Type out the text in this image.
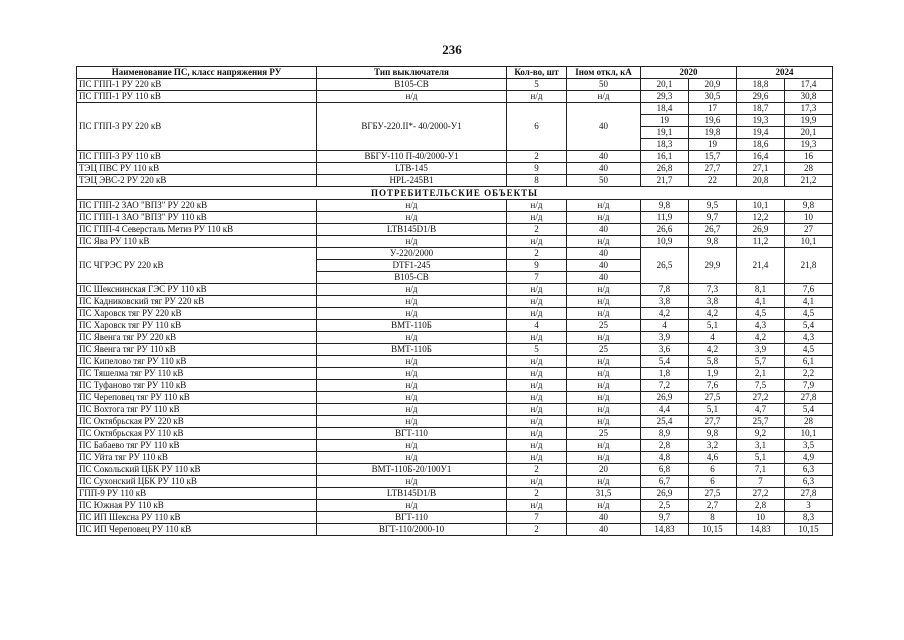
236
Наименование ПС, класс напряжения РУ	Тип выключателя	Кол-во, шт	Iном откл, кА	2020		2024	
ПС ГПП-1 РУ 220 кВ	В105-СВ	5	50	20,1	20,9	18,8	17,4
ПС ГПП-1 РУ 110 кВ	н/д	н/д	н/д	29,3	30,5	29,6	30,8
ПС ГПП-3 РУ 220 кВ	ВГБУ-220.II*- 40/2000-У1	6	40	18,4	17	18,7	17,3
				19	19,6	19,3	19,9
				19,1	19,8	19,4	20,1
				18,3	19	18,6	19,3
ПС ГПП-3 РУ 110 кВ	ВБГУ-110 П-40/2000-У1	2	40	16,1	15,7	16,4	16
ТЭЦ ПВС РУ 110 кВ	LTB-145	9	40	26,8	27,7	27,1	28
ТЭЦ ЭВС-2 РУ 220 кВ	HPL-245B1	8	50	21,7	22	20,8	21,2
ПОТРЕБИТЕЛЬСКИЕ ОБЪЕКТЫ							
ПС ГПП-2 ЗАО "ВПЗ" РУ 220 кВ	н/д	н/д	н/д	9,8	9,5	10,1	9,8
ПС ГПП-1 ЗАО "ВПЗ" РУ 110 кВ	н/д	н/д	н/д	11,9	9,7	12,2	10
ПС ГПП-4 Северсталь Метиз РУ 110 кВ	LTB145D1/B	2	40	26,6	26,7	26,9	27
ПС Ява РУ 110 кВ	н/д	н/д	н/д	10,9	9,8	11,2	10,1
ПС ЧГРЭС РУ 220 кВ	У-220/2000	2	40	26,5	29,9	21,4	21,8
	DTF1-245	9	40				
	В105-СВ	7	40				
ПС Шекснинская ГЭС РУ 110 кВ	н/д	н/д	н/д	7,8	7,3	8,1	7,6
ПС Кадниковский тяг РУ 220 кВ	н/д	н/д	н/д	3,8	3,8	4,1	4,1
ПС Харовск тяг РУ 220 кВ	н/д	н/д	н/д	4,2	4,2	4,5	4,5
ПС Харовск тяг РУ 110 кВ	ВМТ-110Б	4	25	4	5,1	4,3	5,4
ПС Явенга тяг РУ 220 кВ	н/д	н/д	н/д	3,9	4	4,2	4,3
ПС Явенга тяг РУ 110 кВ	ВМТ-110Б	5	25	3,6	4,2	3,9	4,5
ПС Кипелово тяг РУ 110 кВ	н/д	н/д	н/д	5,4	5,8	5,7	6,1
ПС Тяшелма тяг РУ 110 кВ	н/д	н/д	н/д	1,8	1,9	2,1	2,2
ПС Туфаново тяг РУ 110 кВ	н/д	н/д	н/д	7,2	7,6	7,5	7,9
ПС Череповец тяг РУ 110 кВ	н/д	н/д	н/д	26,9	27,5	27,2	27,8
ПС Вохтога тяг РУ 110 кВ	н/д	н/д	н/д	4,4	5,1	4,7	5,4
ПС Октябрьская РУ 220 кВ	н/д	н/д	н/д	25,4	27,7	25,7	28
ПС Октябрьская РУ 110 кВ	ВГТ-110	н/д	25	8,9	9,8	9,2	10,1
ПС Бабаево тяг РУ 110 кВ	н/д	н/д	н/д	2,8	3,2	3,1	3,5
ПС Уйта тяг РУ 110 кВ	н/д	н/д	н/д	4,8	4,6	5,1	4,9
ПС Сокольский ЦБК РУ 110 кВ	ВМТ-110Б-20/100У1	2	20	6,8	6	7,1	6,3
ПС Сухонский ЦБК РУ 110 кВ	н/д	н/д	н/д	6,7	6	7	6,3
ГПП-9 РУ 110 кВ	LTB145D1/B	2	31,5	26,9	27,5	27,2	27,8
ПС Южная РУ 110 кВ	н/д	н/д	н/д	2,5	2,7	2,8	3
ПС ИП Шексна РУ 110 кВ	ВГТ-110	7	40	9,7	8	10	8,3
ПС ИП Череповец РУ 110 кВ	ВГТ-110/2000-10	2	40	14,83	10,15	14,83	10,15
